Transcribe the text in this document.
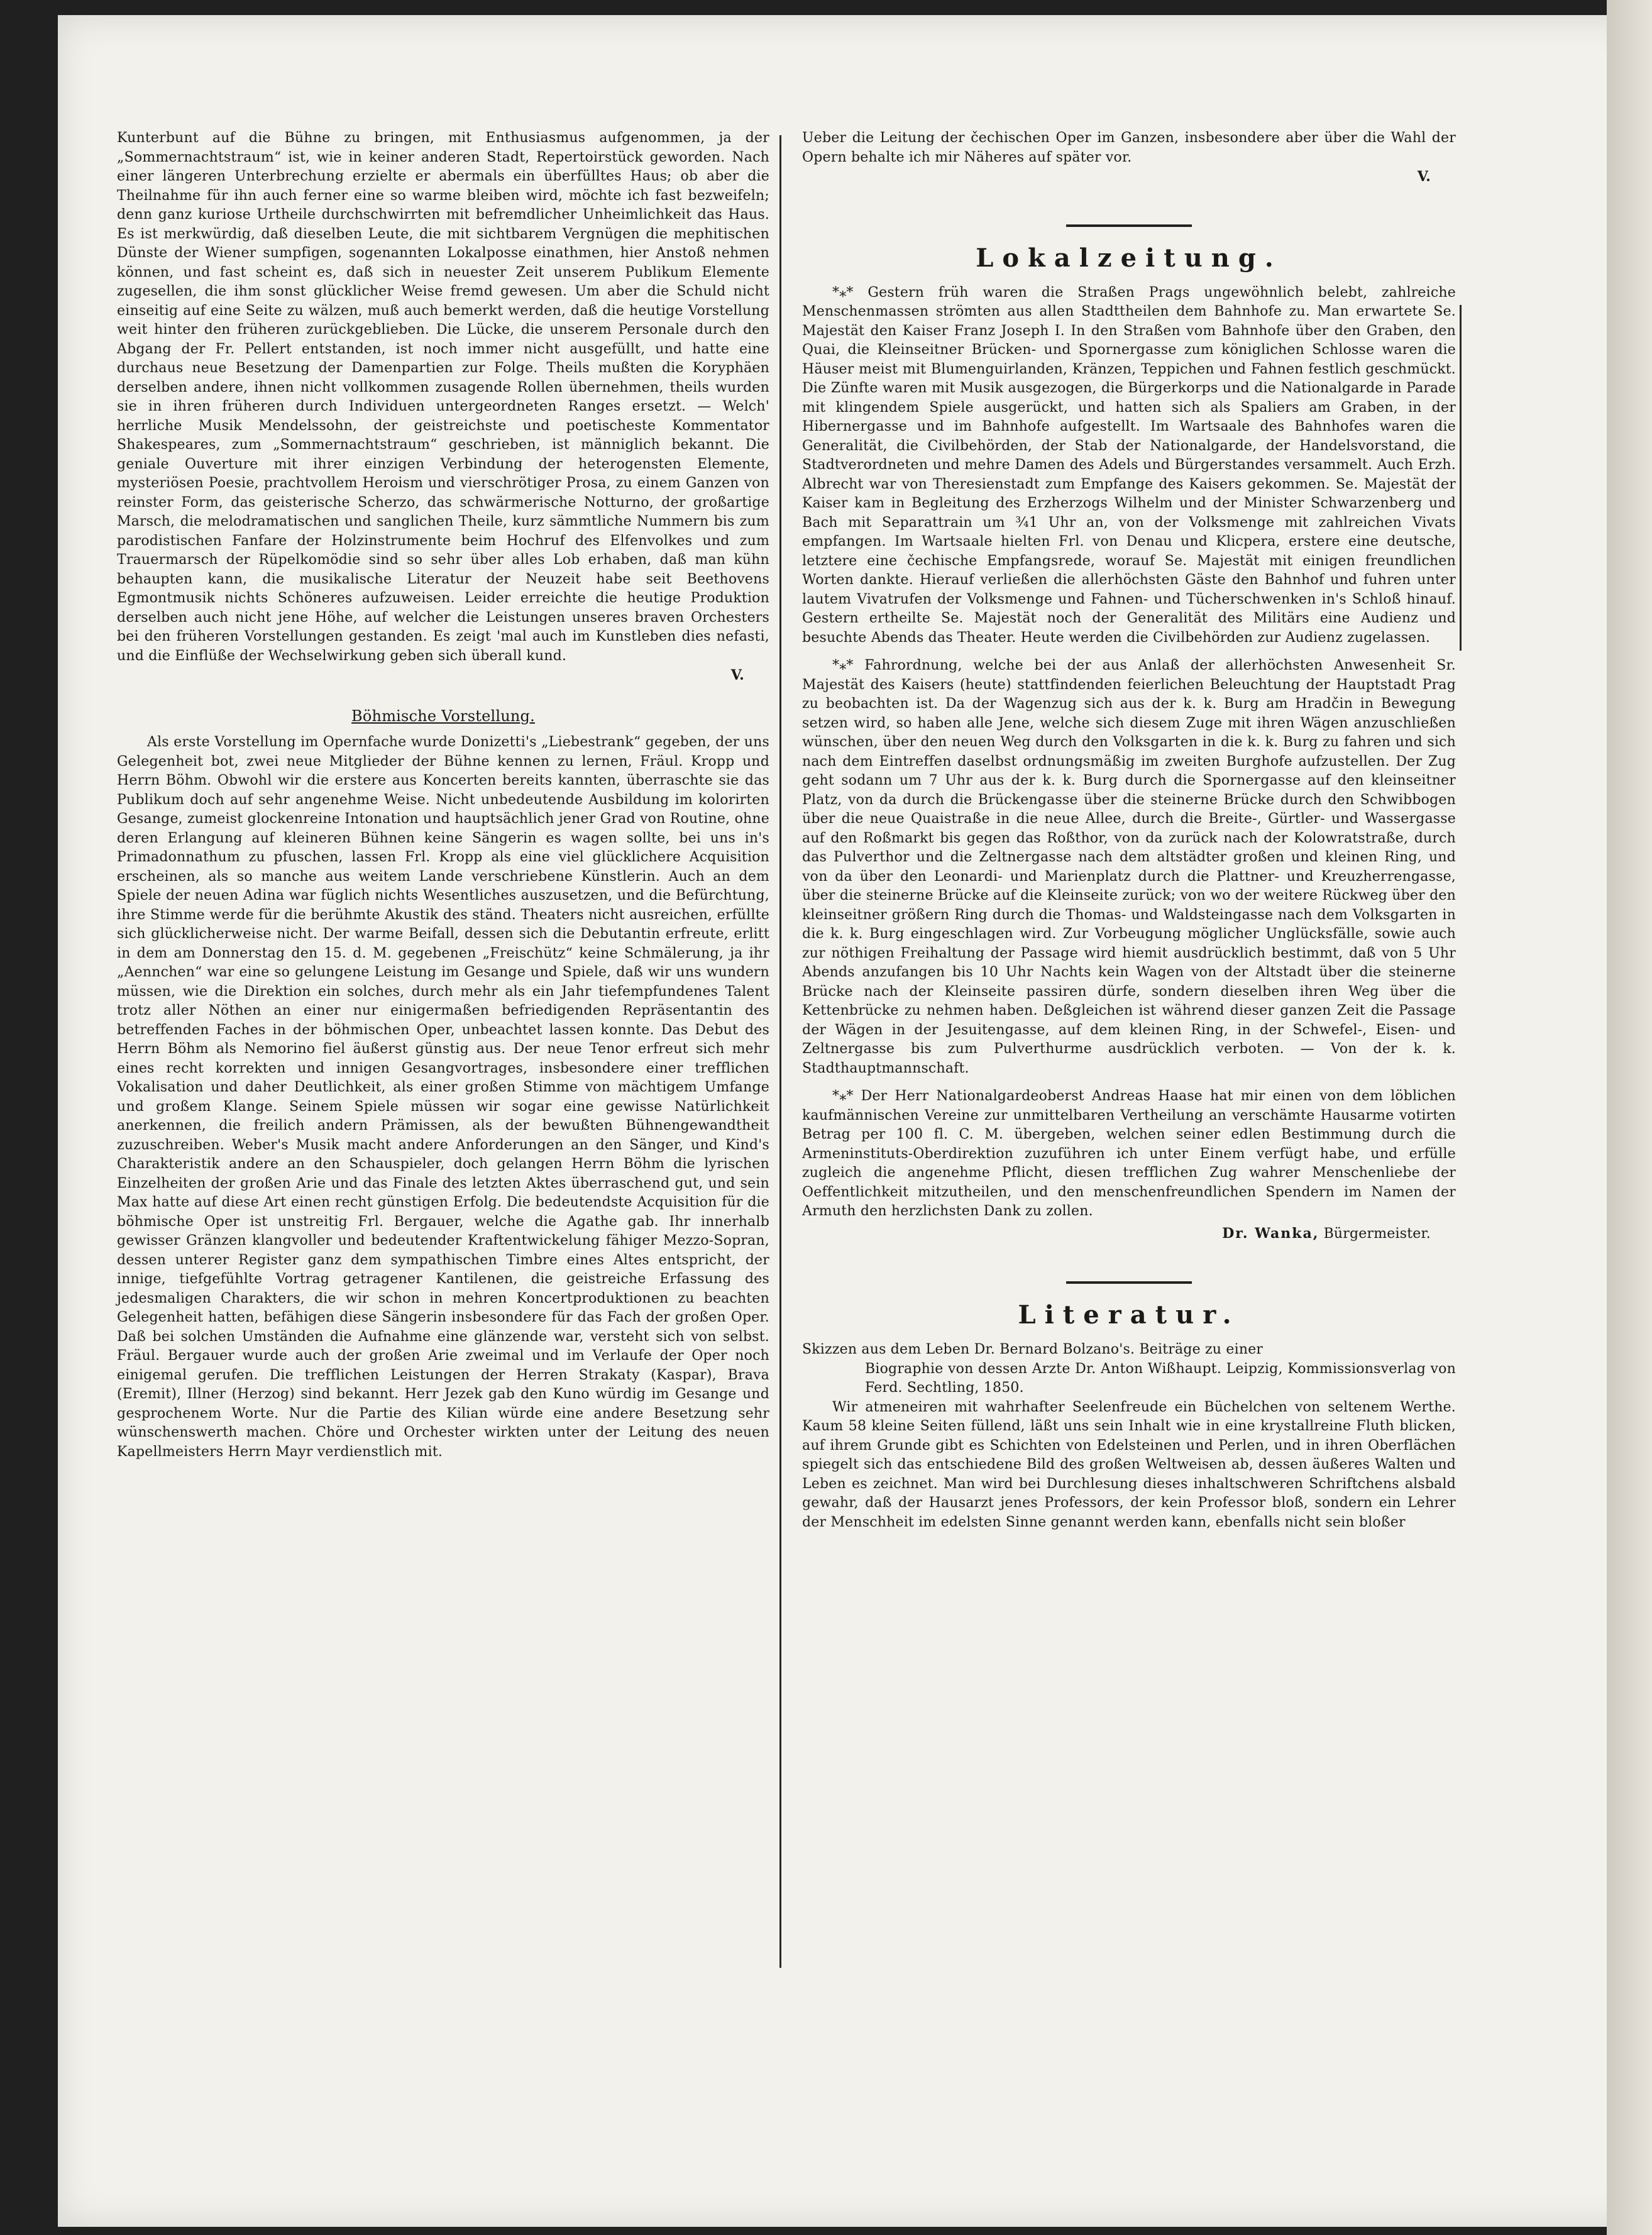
Kunterbunt auf die Bühne zu bringen, mit Enthusiasmus aufgenommen, ja der „Sommernachtstraum“ ist, wie in keiner anderen Stadt, Repertoirstück geworden. Nach einer längeren Unterbrechung erzielte er abermals ein überfülltes Haus; ob aber die Theilnahme für ihn auch ferner eine so warme bleiben wird, möchte ich fast bezweifeln; denn ganz kuriose Urtheile durchschwirrten mit befremdlicher Unheimlichkeit das Haus. Es ist merkwürdig, daß dieselben Leute, die mit sichtbarem Vergnügen die mephitischen Dünste der Wiener sumpfigen, sogenannten Lokalposse einathmen, hier Anstoß nehmen können, und fast scheint es, daß sich in neuester Zeit unserem Publikum Elemente zugesellen, die ihm sonst glücklicher Weise fremd gewesen. Um aber die Schuld nicht einseitig auf eine Seite zu wälzen, muß auch bemerkt werden, daß die heutige Vorstellung weit hinter den früheren zurückgeblieben. Die Lücke, die unserem Personale durch den Abgang der Fr. Pellert entstanden, ist noch immer nicht ausgefüllt, und hatte eine durchaus neue Besetzung der Damenpartien zur Folge. Theils mußten die Koryphäen derselben andere, ihnen nicht vollkommen zusagende Rollen übernehmen, theils wurden sie in ihren früheren durch Individuen untergeordneten Ranges ersetzt. — Welch' herrliche Musik Mendelssohn, der geistreichste und poetischeste Kommentator Shakespeares, zum „Sommernachtstraum“ geschrieben, ist männiglich bekannt. Die geniale Ouverture mit ihrer einzigen Verbindung der heterogensten Elemente, mysteriösen Poesie, prachtvollem Heroism und vierschrötiger Prosa, zu einem Ganzen von reinster Form, das geisterische Scherzo, das schwärmerische Notturno, der großartige Marsch, die melodramatischen und sanglichen Theile, kurz sämmtliche Nummern bis zum parodistischen Fanfare der Holzinstrumente beim Hochruf des Elfenvolkes und zum Trauermarsch der Rüpelkomödie sind so sehr über alles Lob erhaben, daß man kühn behaupten kann, die musikalische Literatur der Neuzeit habe seit Beethovens Egmontmusik nichts Schöneres aufzuweisen. Leider erreichte die heutige Produktion derselben auch nicht jene Höhe, auf welcher die Leistungen unseres braven Orchesters bei den früheren Vorstellungen gestanden. Es zeigt 'mal auch im Kunstleben dies nefasti, und die Einflüße der Wechselwirkung geben sich überall kund.

V.
Böhmische Vorstellung.

Als erste Vorstellung im Opernfache wurde Donizetti's „Liebestrank“ gegeben, der uns Gelegenheit bot, zwei neue Mitglieder der Bühne kennen zu lernen, Fräul. Kropp und Herrn Böhm. Obwohl wir die erstere aus Koncerten bereits kannten, überraschte sie das Publikum doch auf sehr angenehme Weise. Nicht unbedeutende Ausbildung im kolorirten Gesange, zumeist glockenreine Intonation und hauptsächlich jener Grad von Routine, ohne deren Erlangung auf kleineren Bühnen keine Sängerin es wagen sollte, bei uns in's Primadonnathum zu pfuschen, lassen Frl. Kropp als eine viel glücklichere Acquisition erscheinen, als so manche aus weitem Lande verschriebene Künstlerin. Auch an dem Spiele der neuen Adina war füglich nichts Wesentliches auszusetzen, und die Befürchtung, ihre Stimme werde für die berühmte Akustik des ständ. Theaters nicht ausreichen, erfüllte sich glücklicherweise nicht. Der warme Beifall, dessen sich die Debutantin erfreute, erlitt in dem am Donnerstag den 15. d. M. gegebenen „Freischütz“ keine Schmälerung, ja ihr „Aennchen“ war eine so gelungene Leistung im Gesange und Spiele, daß wir uns wundern müssen, wie die Direktion ein solches, durch mehr als ein Jahr tiefempfundenes Talent trotz aller Nöthen an einer nur einigermaßen befriedigenden Repräsentantin des betreffenden Faches in der böhmischen Oper, unbeachtet lassen konnte. Das Debut des Herrn Böhm als Nemorino fiel äußerst günstig aus. Der neue Tenor erfreut sich mehr eines recht korrekten und innigen Gesangvortrages, insbesondere einer trefflichen Vokalisation und daher Deutlichkeit, als einer großen Stimme von mächtigem Umfange und großem Klange. Seinem Spiele müssen wir sogar eine gewisse Natürlichkeit anerkennen, die freilich andern Prämissen, als der bewußten Bühnengewandtheit zuzuschreiben. Weber's Musik macht andere Anforderungen an den Sänger, und Kind's Charakteristik andere an den Schauspieler, doch gelangen Herrn Böhm die lyrischen Einzelheiten der großen Arie und das Finale des letzten Aktes überraschend gut, und sein Max hatte auf diese Art einen recht günstigen Erfolg. Die bedeutendste Acquisition für die böhmische Oper ist unstreitig Frl. Bergauer, welche die Agathe gab. Ihr innerhalb gewisser Gränzen klangvoller und bedeutender Kraftentwickelung fähiger Mezzo-Sopran, dessen unterer Register ganz dem sympathischen Timbre eines Altes entspricht, der innige, tiefgefühlte Vortrag getragener Kantilenen, die geistreiche Erfassung des jedesmaligen Charakters, die wir schon in mehren Koncertproduktionen zu beachten Gelegenheit hatten, befähigen diese Sängerin insbesondere für das Fach der großen Oper. Daß bei solchen Umständen die Aufnahme eine glänzende war, versteht sich von selbst. Fräul. Bergauer wurde auch der großen Arie zweimal und im Verlaufe der Oper noch einigemal gerufen. Die trefflichen Leistungen der Herren Strakaty (Kaspar), Brava (Eremit), Illner (Herzog) sind bekannt. Herr Jezek gab den Kuno würdig im Gesange und gesprochenem Worte. Nur die Partie des Kilian würde eine andere Besetzung sehr wünschenswerth machen. Chöre und Orchester wirkten unter der Leitung des neuen Kapellmeisters Herrn Mayr verdienstlich mit.

Ueber die Leitung der čechischen Oper im Ganzen, insbesondere aber über die Wahl der Opern behalte ich mir Näheres auf später vor.

V.
Lokalzeitung.

*⁎* Gestern früh waren die Straßen Prags ungewöhnlich belebt, zahlreiche Menschenmassen strömten aus allen Stadttheilen dem Bahnhofe zu. Man erwartete Se. Majestät den Kaiser Franz Joseph I. In den Straßen vom Bahnhofe über den Graben, den Quai, die Kleinseitner Brücken- und Spornergasse zum königlichen Schlosse waren die Häuser meist mit Blumenguirlanden, Kränzen, Teppichen und Fahnen festlich geschmückt. Die Zünfte waren mit Musik ausgezogen, die Bürgerkorps und die Nationalgarde in Parade mit klingendem Spiele ausgerückt, und hatten sich als Spaliers am Graben, in der Hibernergasse und im Bahnhofe aufgestellt. Im Wartsaale des Bahnhofes waren die Generalität, die Civilbehörden, der Stab der Nationalgarde, der Handelsvorstand, die Stadtverordneten und mehre Damen des Adels und Bürgerstandes versammelt. Auch Erzh. Albrecht war von Theresienstadt zum Empfange des Kaisers gekommen. Se. Majestät der Kaiser kam in Begleitung des Erzherzogs Wilhelm und der Minister Schwarzenberg und Bach mit Separattrain um ¾1 Uhr an, von der Volksmenge mit zahlreichen Vivats empfangen. Im Wartsaale hielten Frl. von Denau und Klicpera, erstere eine deutsche, letztere eine čechische Empfangsrede, worauf Se. Majestät mit einigen freundlichen Worten dankte. Hierauf verließen die allerhöchsten Gäste den Bahnhof und fuhren unter lautem Vivatrufen der Volksmenge und Fahnen- und Tücherschwenken in's Schloß hinauf. Gestern ertheilte Se. Majestät noch der Generalität des Militärs eine Audienz und besuchte Abends das Theater. Heute werden die Civilbehörden zur Audienz zugelassen.

*⁎* Fahrordnung, welche bei der aus Anlaß der allerhöchsten Anwesenheit Sr. Majestät des Kaisers (heute) stattfindenden feierlichen Beleuchtung der Hauptstadt Prag zu beobachten ist. Da der Wagenzug sich aus der k. k. Burg am Hradčin in Bewegung setzen wird, so haben alle Jene, welche sich diesem Zuge mit ihren Wägen anzuschließen wünschen, über den neuen Weg durch den Volksgarten in die k. k. Burg zu fahren und sich nach dem Eintreffen daselbst ordnungsmäßig im zweiten Burghofe aufzustellen. Der Zug geht sodann um 7 Uhr aus der k. k. Burg durch die Spornergasse auf den kleinseitner Platz, von da durch die Brückengasse über die steinerne Brücke durch den Schwibbogen über die neue Quaistraße in die neue Allee, durch die Breite-, Gürtler- und Wassergasse auf den Roßmarkt bis gegen das Roßthor, von da zurück nach der Kolowratstraße, durch das Pulverthor und die Zeltnergasse nach dem altstädter großen und kleinen Ring, und von da über den Leonardi- und Marienplatz durch die Plattner- und Kreuzherrengasse, über die steinerne Brücke auf die Kleinseite zurück; von wo der weitere Rückweg über den kleinseitner größern Ring durch die Thomas- und Waldsteingasse nach dem Volksgarten in die k. k. Burg eingeschlagen wird. Zur Vorbeugung möglicher Unglücksfälle, sowie auch zur nöthigen Freihaltung der Passage wird hiemit ausdrücklich bestimmt, daß von 5 Uhr Abends anzufangen bis 10 Uhr Nachts kein Wagen von der Altstadt über die steinerne Brücke nach der Kleinseite passiren dürfe, sondern dieselben ihren Weg über die Kettenbrücke zu nehmen haben. Deßgleichen ist während dieser ganzen Zeit die Passage der Wägen in der Jesuitengasse, auf dem kleinen Ring, in der Schwefel-, Eisen- und Zeltnergasse bis zum Pulverthurme ausdrücklich verboten. — Von der k. k. Stadthauptmannschaft.

*⁎* Der Herr Nationalgardeoberst Andreas Haase hat mir einen von dem löblichen kaufmännischen Vereine zur unmittelbaren Vertheilung an verschämte Hausarme votirten Betrag per 100 fl. C. M. übergeben, welchen seiner edlen Bestimmung durch die Armeninstituts-Oberdirektion zuzuführen ich unter Einem verfügt habe, und erfülle zugleich die angenehme Pflicht, diesen trefflichen Zug wahrer Menschenliebe der Oeffentlichkeit mitzutheilen, und den menschenfreundlichen Spendern im Namen der Armuth den herzlichsten Dank zu zollen.

Dr. Wanka, Bürgermeister.
Literatur.

Skizzen aus dem Leben Dr. Bernard Bolzano's. Beiträge zu einer
Biographie von dessen Arzte Dr. Anton Wißhaupt. Leipzig, Kommissionsverlag von Ferd. Sechtling, 1850.

Wir atmeneiren mit wahrhafter Seelenfreude ein Büchelchen von seltenem Werthe. Kaum 58 kleine Seiten füllend, läßt uns sein Inhalt wie in eine krystallreine Fluth blicken, auf ihrem Grunde gibt es Schichten von Edelsteinen und Perlen, und in ihren Oberflächen spiegelt sich das entschiedene Bild des großen Weltweisen ab, dessen äußeres Walten und Leben es zeichnet. Man wird bei Durchlesung dieses inhaltschweren Schriftchens alsbald gewahr, daß der Hausarzt jenes Professors, der kein Professor bloß, sondern ein Lehrer der Menschheit im edelsten Sinne genannt werden kann, ebenfalls nicht sein bloßer
